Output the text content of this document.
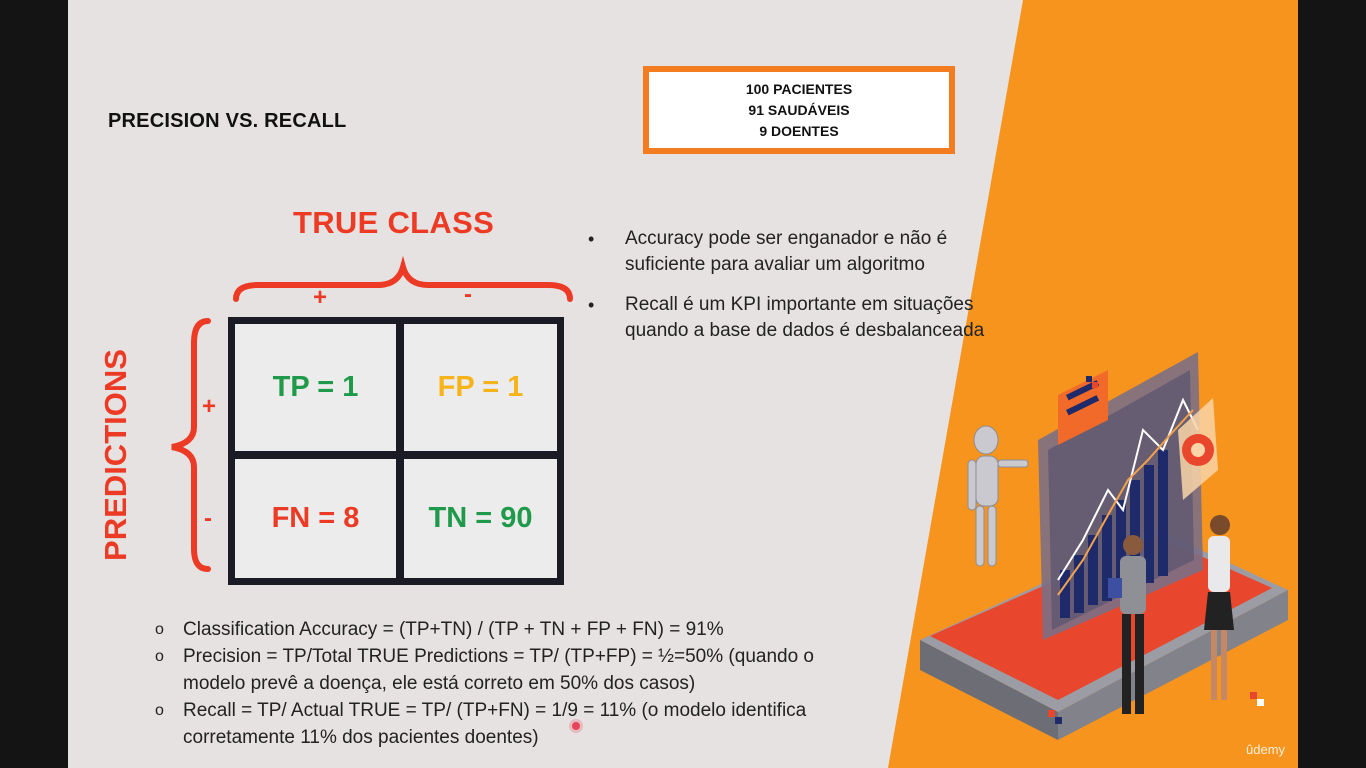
PRECISION VS. RECALL
100 PACIENTES
91 SAUDÁVEIS
9 DOENTES
TRUE CLASS
+	-
PREDICTIONS	+
-
TP = 1	FP = 1
FN = 8	TN = 90
• Accuracy pode ser enganador e não é suficiente para avaliar um algoritmo
• Recall é um KPI importante em situações quando a base de dados é desbalanceada
o Classification Accuracy = (TP+TN) / (TP + TN + FP + FN) = 91%
o Precision = TP/Total TRUE Predictions = TP/ (TP+FP) = ½=50% (quando o modelo prevê a doença, ele está correto em 50% dos casos)
o Recall = TP/ Actual TRUE = TP/ (TP+FN) = 1/9 = 11% (o modelo identifica corretamente 11% dos pacientes doentes)
ûdemy
